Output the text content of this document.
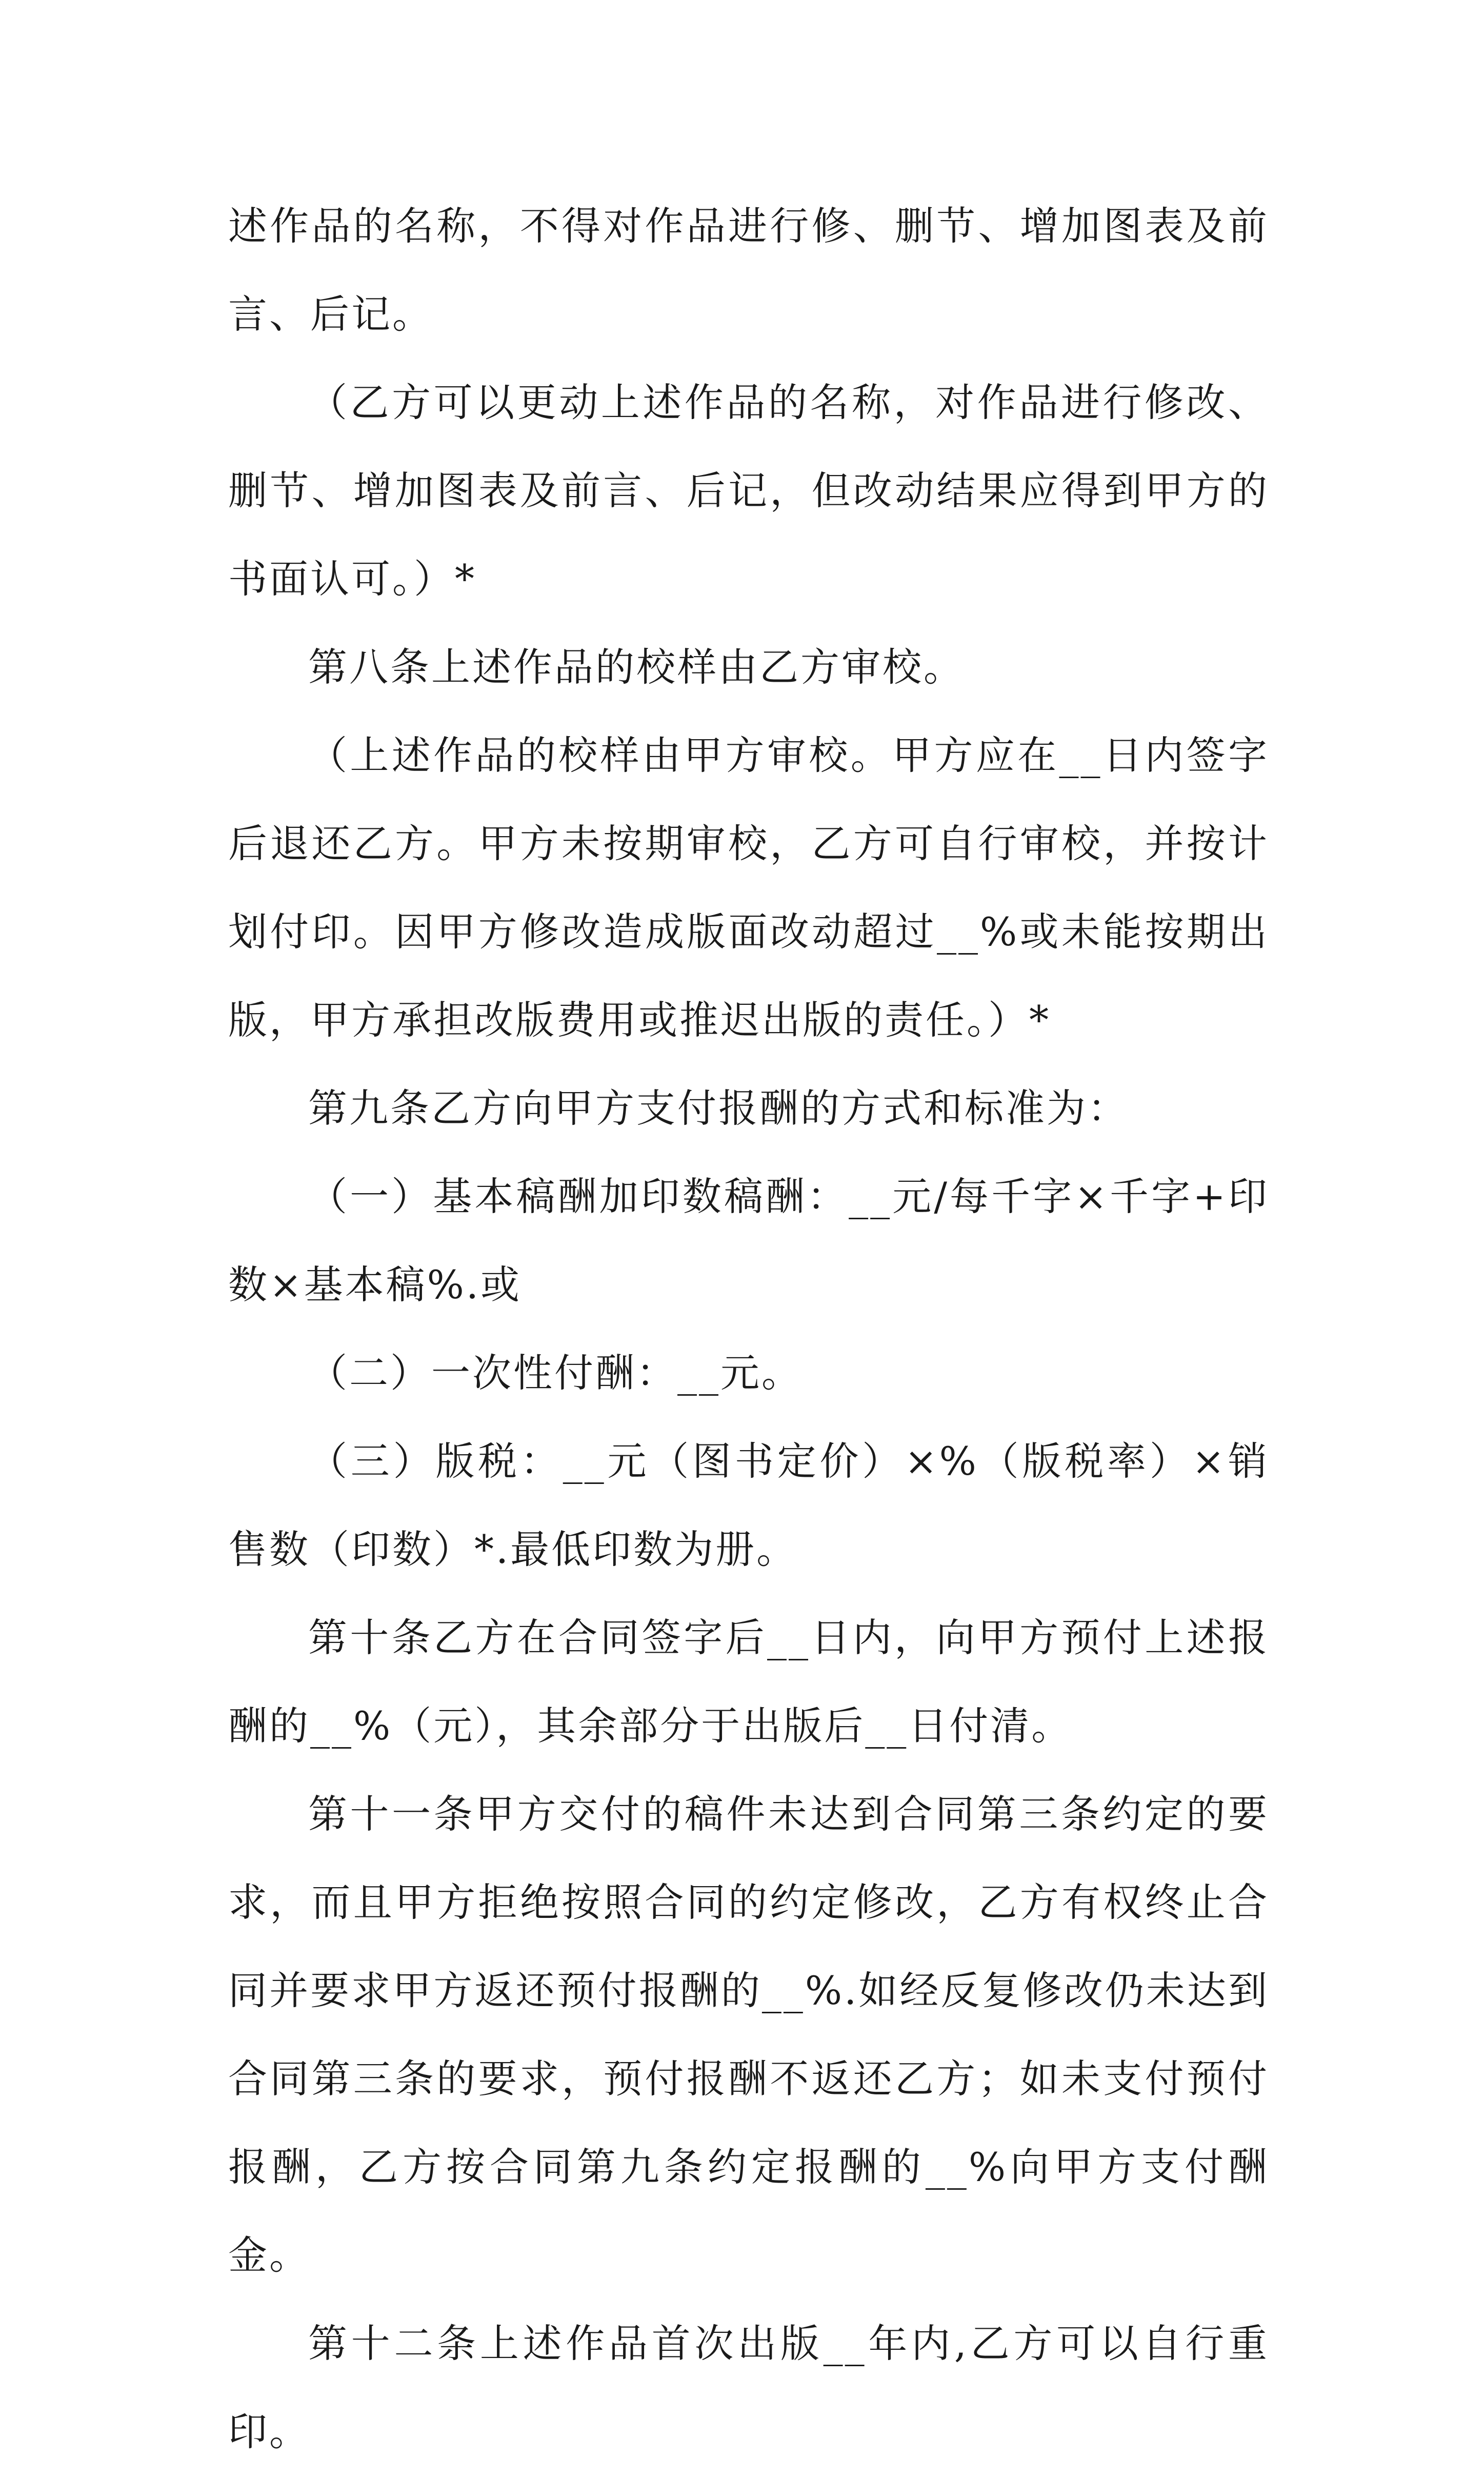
述作品的名称，不得对作品进行修、删节、增加图表及前言、后记。

（乙方可以更动上述作品的名称，对作品进行修改、删节、增加图表及前言、后记，但改动结果应得到甲方的书面认可。）*

第八条上述作品的校样由乙方审校。

（上述作品的校样由甲方审校。甲方应在__日内签字后退还乙方。甲方未按期审校，乙方可自行审校，并按计划付印。因甲方修改造成版面改动超过__%或未能按期出版，甲方承担改版费用或推迟出版的责任。）*

第九条乙方向甲方支付报酬的方式和标准为：

（一）基本稿酬加印数稿酬：__元/每千字×千字+印数×基本稿%.或

（二）一次性付酬：__元。

（三）版税：__元（图书定价）×%（版税率）×销售数（印数）*.最低印数为册。

第十条乙方在合同签字后__日内，向甲方预付上述报酬的__%（元），其余部分于出版后__日付清。

第十一条甲方交付的稿件未达到合同第三条约定的要求，而且甲方拒绝按照合同的约定修改，乙方有权终止合同并要求甲方返还预付报酬的__%.如经反复修改仍未达到合同第三条的要求，预付报酬不返还乙方；如未支付预付报酬，乙方按合同第九条约定报酬的__%向甲方支付酬金。

第十二条上述作品首次出版__年内,乙方可以自行重印。
